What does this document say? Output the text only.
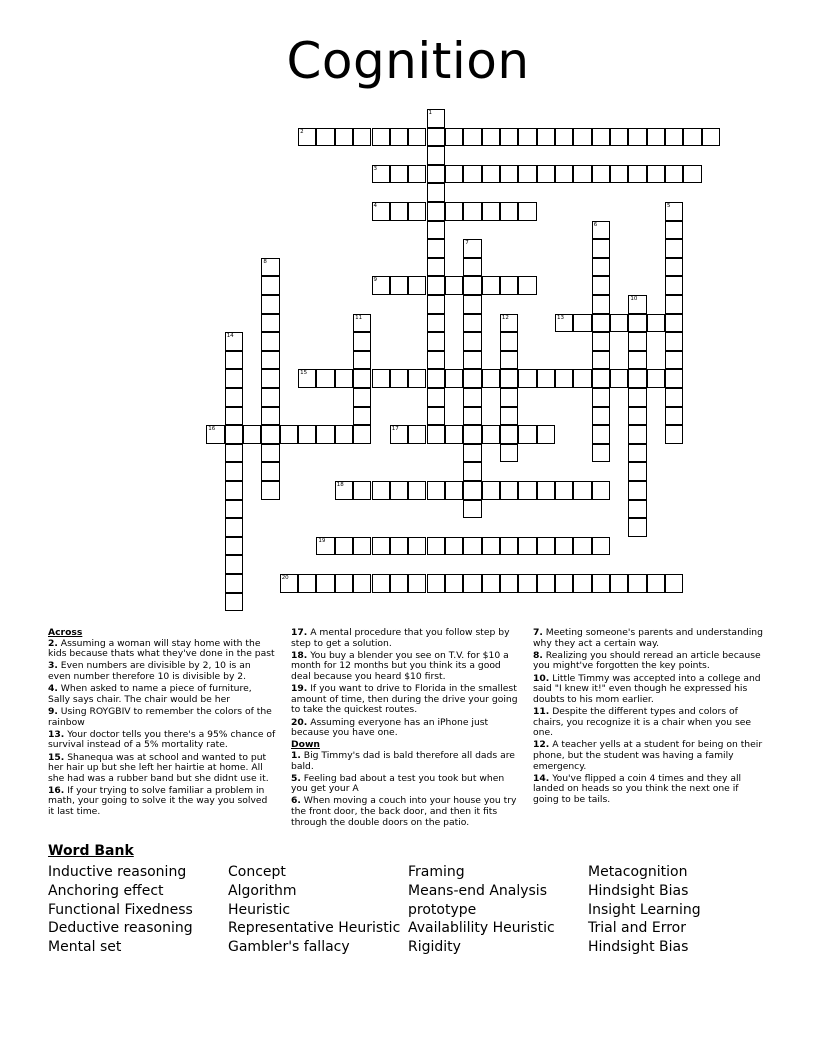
Cognition
1
2
3
4	5
6
7
8
9
10
11	12	13
14
15
16	17
18
19
20
Across
2. Assuming a woman will stay home with the kids because thats what they've done in the past
3. Even numbers are divisible by 2, 10 is an even number therefore 10 is divisible by 2.
4. When asked to name a piece of furniture, Sally says chair. The chair would be her
9. Using ROYGBIV to remember the colors of the rainbow
13. Your doctor tells you there's a 95% chance of survival instead of a 5% mortality rate.
15. Shanequa was at school and wanted to put her hair up but she left her hairtie at home. All she had was a rubber band but she didnt use it.
16. If your trying to solve familiar a problem in math, your going to solve it the way you solved it last time.
17. A mental procedure that you follow step by step to get a solution.
18. You buy a blender you see on T.V. for $10 a month for 12 months but you think its a good deal because you heard $10 first.
19. If you want to drive to Florida in the smallest amount of time, then during the drive your going to take the quickest routes.
20. Assuming everyone has an iPhone just because you have one.
Down
1. Big Timmy's dad is bald therefore all dads are bald.
5. Feeling bad about a test you took but when you get your A
6. When moving a couch into your house you try the front door, the back door, and then it fits through the double doors on the patio.
7. Meeting someone's parents and understanding why they act a certain way.
8. Realizing you should reread an article because you might've forgotten the key points.
10. Little Timmy was accepted into a college and said "I knew it!" even though he expressed his doubts to his mom earlier.
11. Despite the different types and colors of chairs, you recognize it is a chair when you see one.
12. A teacher yells at a student for being on their phone, but the student was having a family emergency.
14. You've flipped a coin 4 times and they all landed on heads so you think the next one if going to be tails.
Word Bank
Inductive reasoning
Anchoring effect
Functional Fixedness
Deductive reasoning
Mental set
Concept
Algorithm
Heuristic
Representative Heuristic
Gambler's fallacy
Framing
Means-end Analysis
prototype
Availablility Heuristic
Rigidity
Metacognition
Hindsight Bias
Insight Learning
Trial and Error
Hindsight Bias
